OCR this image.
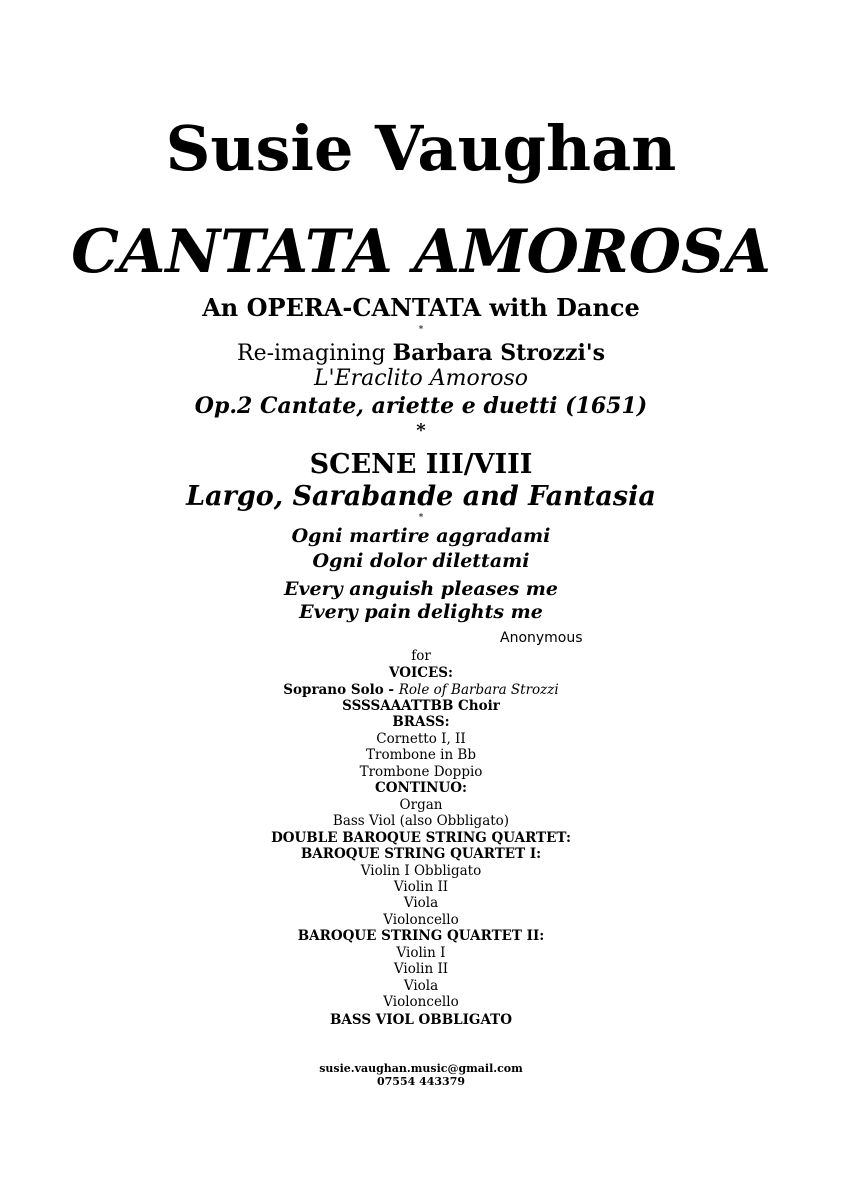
Susie Vaughan
CANTATA AMOROSA
An OPERA-CANTATA with Dance
*
Re-imagining Barbara Strozzi's
L'Eraclito Amoroso
Op.2 Cantate, ariette e duetti (1651)
*
SCENE III/VIII
Largo, Sarabande and Fantasia
*
Ogni martire aggradami
Ogni dolor dilettami
Every anguish pleases me
Every pain delights me
Anonymous
for
VOICES:
Soprano Solo - Role of Barbara Strozzi
SSSSAAATTBB Choir
BRASS:
Cornetto I, II
Trombone in Bb
Trombone Doppio
CONTINUO:
Organ
Bass Viol (also Obbligato)
DOUBLE BAROQUE STRING QUARTET:
BAROQUE STRING QUARTET I:
Violin I Obbligato
Violin II
Viola
Violoncello
BAROQUE STRING QUARTET II:
Violin I
Violin II
Viola
Violoncello
BASS VIOL OBBLIGATO
susie.vaughan.music@gmail.com
07554 443379
